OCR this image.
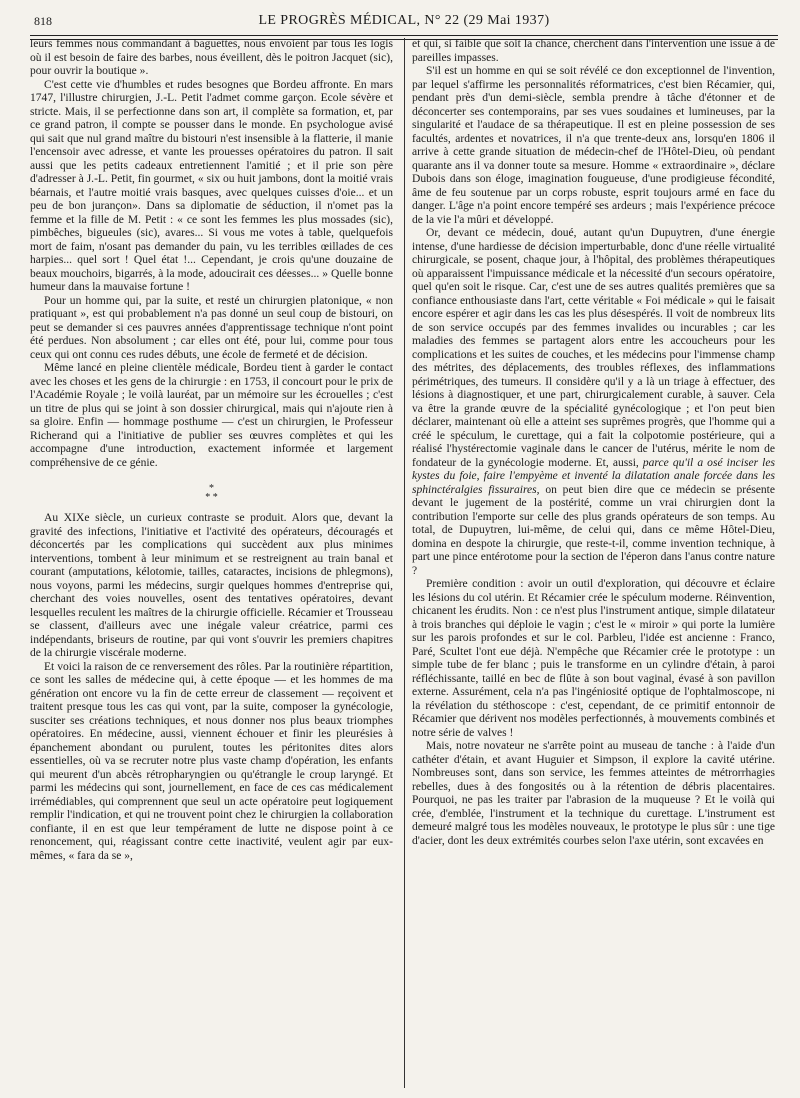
818	LE PROGRÈS MÉDICAL, N° 22 (29 Mai 1937)

leurs femmes nous commandant à baguettes, nous envoient par tous les logis où il est besoin de faire des barbes, nous éveillent, dès le poitron Jacquet (sic), pour ouvrir la boutique ».

C'est cette vie d'humbles et rudes besognes que Bordeu affronte. En mars 1747, l'illustre chirurgien, J.-L. Petit l'admet comme garçon. Ecole sévère et stricte. Mais, il se perfectionne dans son art, il complète sa formation, et, par ce grand patron, il compte se pousser dans le monde. En psychologue avisé qui sait que nul grand maître du bistouri n'est insensible à la flatterie, il manie l'encensoir avec adresse, et vante les prouesses opératoires du patron. Il sait aussi que les petits cadeaux entretiennent l'amitié ; et il prie son père d'adresser à J.-L. Petit, fin gourmet, « six ou huit jambons, dont la moitié vrais béarnais, et l'autre moitié vrais basques, avec quelques cuisses d'oie... et un peu de bon jurançon». Dans sa diplomatie de séduction, il n'omet pas la femme et la fille de M. Petit : « ce sont les femmes les plus mossades (sic), pimbêches, bigueules (sic), avares... Si vous me votes à table, quelquefois mort de faim, n'osant pas demander du pain, vu les terribles œillades de ces harpies... quel sort ! Quel état !... Cependant, je crois qu'une douzaine de beaux mouchoirs, bigarrés, à la mode, adoucirait ces déesses... » Quelle bonne humeur dans la mauvaise fortune !

Pour un homme qui, par la suite, et resté un chirurgien platonique, « non pratiquant », est qui probablement n'a pas donné un seul coup de bistouri, on peut se demander si ces pauvres années d'apprentissage technique n'ont point été perdues. Non absolument ; car elles ont été, pour lui, comme pour tous ceux qui ont connu ces rudes débuts, une école de fermeté et de décision.

Même lancé en pleine clientèle médicale, Bordeu tient à garder le contact avec les choses et les gens de la chirurgie : en 1753, il concourt pour le prix de l'Académie Royale ; le voilà lauréat, par un mémoire sur les écrouelles ; c'est un titre de plus qui se joint à son dossier chirurgical, mais qui n'ajoute rien à sa gloire. Enfin — hommage posthume — c'est un chirurgien, le Professeur Richerand qui a l'initiative de publier ses œuvres complètes et qui les accompagne d'une introduction, exactement informée et largement compréhensive de ce génie.

*
* *

Au XIXe siècle, un curieux contraste se produit. Alors que, devant la gravité des infections, l'initiative et l'activité des opérateurs, découragés et déconcertés par les complications qui succèdent aux plus minimes interventions, tombent à leur minimum et se restreignent au train banal et courant (amputations, kélotomie, tailles, cataractes, incisions de phlegmons), nous voyons, parmi les médecins, surgir quelques hommes d'entreprise qui, cherchant des voies nouvelles, osent des tentatives opératoires, devant lesquelles reculent les maîtres de la chirurgie officielle. Récamier et Trousseau se classent, d'ailleurs avec une inégale valeur créatrice, parmi ces indépendants, briseurs de routine, par qui vont s'ouvrir les premiers chapitres de la chirurgie viscérale moderne.

Et voici la raison de ce renversement des rôles. Par la routinière répartition, ce sont les salles de médecine qui, à cette époque — et les hommes de ma génération ont encore vu la fin de cette erreur de classement — reçoivent et traitent presque tous les cas qui vont, par la suite, composer la gynécologie, susciter ses créations techniques, et nous donner nos plus beaux triomphes opératoires. En médecine, aussi, viennent échouer et finir les pleurésies à épanchement abondant ou purulent, toutes les péritonites dites alors essentielles, où va se recruter notre plus vaste champ d'opération, les enfants qui meurent d'un abcès rétropharyngien ou qu'étrangle le croup laryngé. Et parmi les médecins qui sont, journellement, en face de ces cas médicalement irrémédiables, qui comprennent que seul un acte opératoire peut logiquement remplir l'indication, et qui ne trouvent point chez le chirurgien la collaboration confiante, il en est que leur tempérament de lutte ne dispose point à ce renoncement, qui, réagissant contre cette inactivité, veulent agir par eux-mêmes, « fara da se »,

et qui, si faible que soit la chance, cherchent dans l'intervention une issue à de pareilles impasses.

S'il est un homme en qui se soit révélé ce don exceptionnel de l'invention, par lequel s'affirme les personnalités réformatrices, c'est bien Récamier, qui, pendant près d'un demi-siècle, sembla prendre à tâche d'étonner et de déconcerter ses contemporains, par ses vues soudaines et lumineuses, par la singularité et l'audace de sa thérapeutique. Il est en pleine possession de ses facultés, ardentes et novatrices, il n'a que trente-deux ans, lorsqu'en 1806 il arrive à cette grande situation de médecin-chef de l'Hôtel-Dieu, où pendant quarante ans il va donner toute sa mesure. Homme « extraordinaire », déclare Dubois dans son éloge, imagination fougueuse, d'une prodigieuse fécondité, âme de feu soutenue par un corps robuste, esprit toujours armé en face du danger. L'âge n'a point encore tempéré ses ardeurs ; mais l'expérience précoce de la vie l'a mûri et développé.

Or, devant ce médecin, doué, autant qu'un Dupuytren, d'une énergie intense, d'une hardiesse de décision imperturbable, donc d'une réelle virtualité chirurgicale, se posent, chaque jour, à l'hôpital, des problèmes thérapeutiques où apparaissent l'impuissance médicale et la nécessité d'un secours opératoire, quel qu'en soit le risque. Car, c'est une de ses autres qualités premières que sa confiance enthousiaste dans l'art, cette véritable « Foi médicale » qui le faisait encore espérer et agir dans les cas les plus désespérés. Il voit de nombreux lits de son service occupés par des femmes invalides ou incurables ; car les maladies des femmes se partagent alors entre les accoucheurs pour les complications et les suites de couches, et les médecins pour l'immense champ des métrites, des déplacements, des troubles réflexes, des inflammations périmétriques, des tumeurs. Il considère qu'il y a là un triage à effectuer, des lésions à diagnostiquer, et une part, chirurgicalement curable, à sauver. Cela va être la grande œuvre de la spécialité gynécologique ; et l'on peut bien déclarer, maintenant où elle a atteint ses suprêmes progrès, que l'homme qui a créé le spéculum, le curettage, qui a fait la colpotomie postérieure, qui a réalisé l'hystérectomie vaginale dans le cancer de l'utérus, mérite le nom de fondateur de la gynécologie moderne. Et, aussi, parce qu'il a osé inciser les kystes du foie, faire l'empyème et inventé la dilatation anale forcée dans les sphinctéralgies fissuraires, on peut bien dire que ce médecin se présente devant le jugement de la postérité, comme un vrai chirurgien dont la contribution l'emporte sur celle des plus grands opérateurs de son temps. Au total, de Dupuytren, lui-même, de celui qui, dans ce même Hôtel-Dieu, domina en despote la chirurgie, que reste-t-il, comme invention technique, à part une pince entérotome pour la section de l'éperon dans l'anus contre nature ?

Première condition : avoir un outil d'exploration, qui découvre et éclaire les lésions du col utérin. Et Récamier crée le spéculum moderne. Réinvention, chicanent les érudits. Non : ce n'est plus l'instrument antique, simple dilatateur à trois branches qui déploie le vagin ; c'est le « miroir » qui porte la lumière sur les parois profondes et sur le col. Parbleu, l'idée est ancienne : Franco, Paré, Scultet l'ont eue déjà. N'empêche que Récamier crée le prototype : un simple tube de fer blanc ; puis le transforme en un cylindre d'étain, à paroi réfléchissante, taillé en bec de flûte à son bout vaginal, évasé à son pavillon externe. Assurément, cela n'a pas l'ingéniosité optique de l'ophtalmoscope, ni la révélation du stéthoscope : c'est, cependant, de ce primitif entonnoir de Récamier que dérivent nos modèles perfectionnés, à mouvements combinés et notre série de valves !

Mais, notre novateur ne s'arrête point au museau de tanche : à l'aide d'un cathéter d'étain, et avant Huguier et Simpson, il explore la cavité utérine. Nombreuses sont, dans son service, les femmes atteintes de métrorrhagies rebelles, dues à des fongosités ou à la rétention de débris placentaires. Pourquoi, ne pas les traiter par l'abrasion de la muqueuse ? Et le voilà qui crée, d'emblée, l'instrument et la technique du curettage. L'instrument est demeuré malgré tous les modèles nouveaux, le prototype le plus sûr : une tige d'acier, dont les deux extrémités courbes selon l'axe utérin, sont excavées en
